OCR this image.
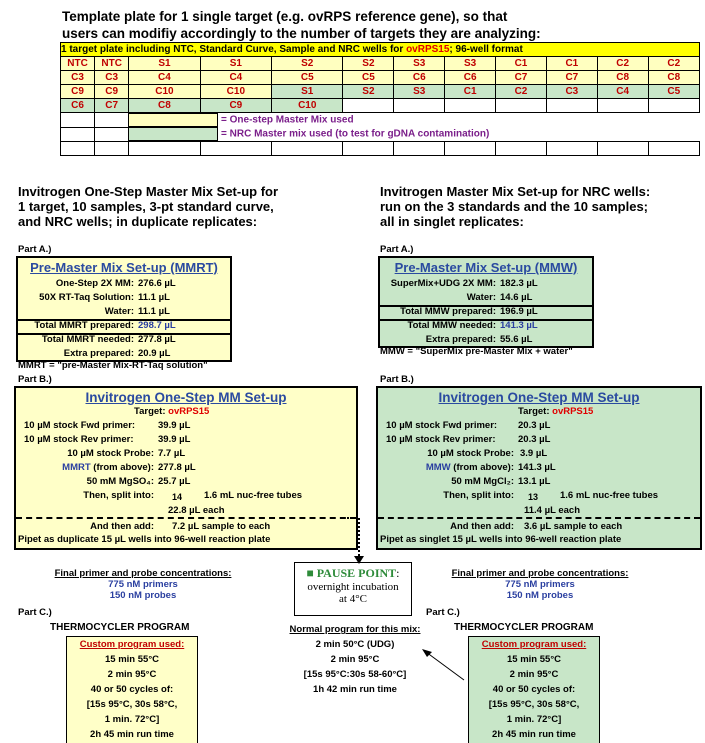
Template plate for 1 single target (e.g. ovRPS reference gene), so that
users can modifiy accordingly to the number of targets they are analyzing:
1 target plate including NTC, Standard Curve, Sample and NRC wells for ovRPS15; 96-well format											
NTC	NTC	S1	S1	S2	S2	S3	S3	C1	C1	C2	C2
C3	C3	C4	C4	C5	C5	C6	C6	C7	C7	C8	C8
C9	C9	C10	C10	S1	S2	S3	C1	C2	C3	C4	C5
C6	C7	C8	C9	C10							
		= One-step Master Mix used									
		= NRC Master mix used (to test for gDNA contamination)									

Invitrogen One-Step Master Mix Set-up for
1 target, 10 samples, 3-pt standard curve,
and NRC wells; in duplicate replicates:
Part A.)
Pre-Master Mix Set-up (MMRT)
One-Step 2X MM: 276.6 µL
50X RT-Taq Solution: 11.1 µL
Water: 11.1 µL
Total MMRT prepared: 298.7 µL
Total MMRT needed: 277.8 µL
Extra prepared: 20.9 µL
MMRT = "pre-Master Mix-RT-Taq solution"
Part B.)
Invitrogen One-Step MM Set-up
Target: ovRPS15
10 µM stock Fwd primer: 39.9 µL
10 µM stock Rev primer:	39.9 µL
10 µM stock Probe: 7.7 µL
MMRT (from above): 277.8 µL
50 mM MgSO₄: 25.7 µL
Then, split into: 14 1.6 mL nuc-free tubes
22.8 µL each
And then add: 7.2 µL sample to each
Pipet as duplicate 15 µL wells into 96-well reaction plate
Final primer and probe concentrations:
775 nM primers
150 nM probes
Part C.)
THERMOCYCLER PROGRAM
Custom program used:
15 min 55°C
2 min 95°C
40 or 50 cycles of:
[15s 95°C, 30s 58°C,
1 min. 72°C]
2h 45 min run time
Invitrogen Master Mix Set-up for NRC wells:
run on the 3 standards and the 10 samples;
all in singlet replicates:
Part A.)
Pre-Master Mix Set-up (MMW)
SuperMix+UDG 2X MM: 182.3 µL
Water: 14.6 µL
Total MMW prepared: 196.9 µL
Total MMW needed: 141.3 µL
Extra prepared: 55.6 µL
MMW = "SuperMix pre-Master Mix + water"
Part B.)
Invitrogen One-Step MM Set-up
Target: ovRPS15
10 µM stock Fwd primer: 20.3 µL
10 µM stock Rev primer: 20.3 µL
10 µM stock Probe: 3.9 µL
MMW (from above): 141.3 µL
50 mM MgCl₂: 13.1 µL
Then, split into: 13 1.6 mL nuc-free tubes
11.4 µL each
And then add: 3.6 µL sample to each
Pipet as singlet 15 µL wells into 96-well reaction plate
Final primer and probe concentrations:
775 nM primers
150 nM probes
Part C.)
THERMOCYCLER PROGRAM
Custom program used:
15 min 55°C
2 min 95°C
40 or 50 cycles of:
[15s 95°C, 30s 58°C,
1 min. 72°C]
2h 45 min run time
■ PAUSE POINT:
overnight incubation
at 4°C
Normal program for this mix:
2 min 50°C (UDG)
2 min 95°C
[15s 95°C:30s 58-60°C]
1h 42 min run time
